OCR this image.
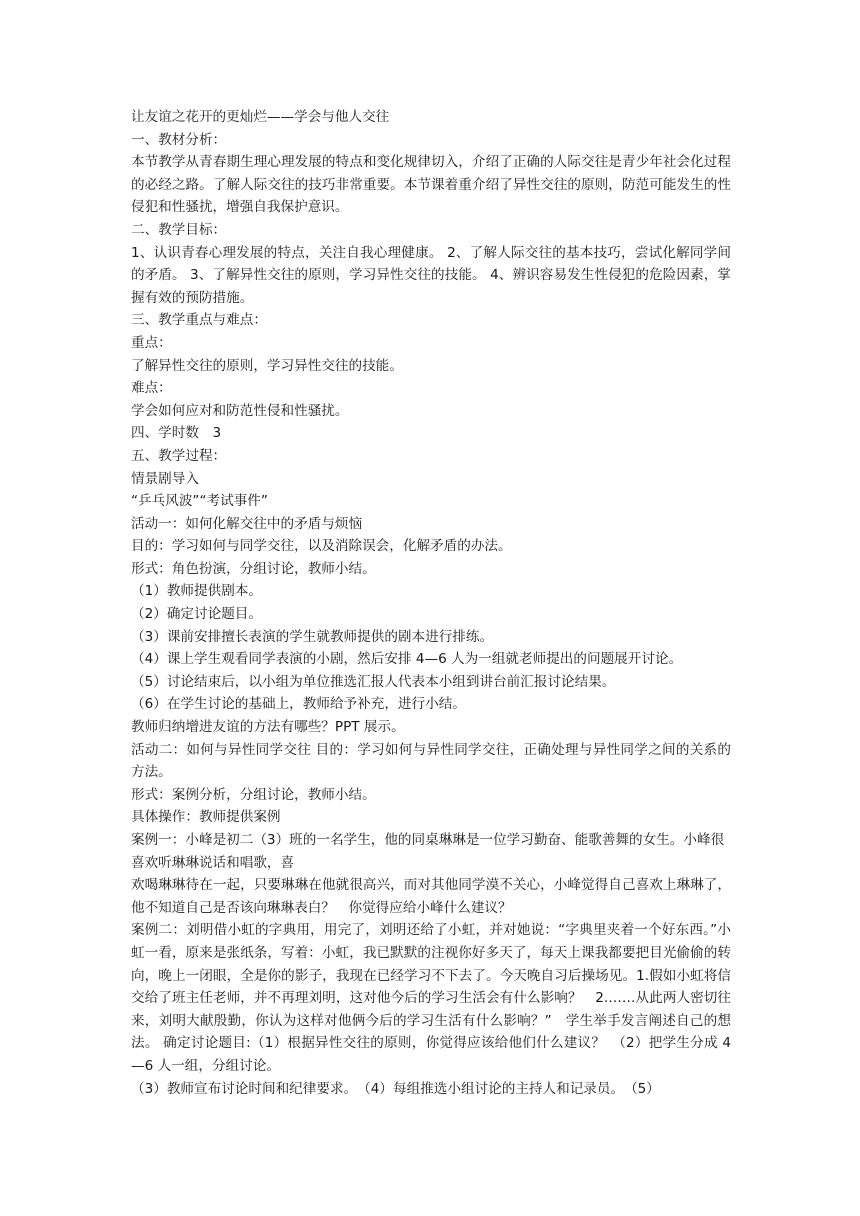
让友谊之花开的更灿烂——学会与他人交往

一、教材分析：

本节教学从青春期生理心理发展的特点和变化规律切入，介绍了正确的人际交往是青少年社会化过程的必经之路。了解人际交往的技巧非常重要。本节课着重介绍了异性交往的原则，防范可能发生的性侵犯和性骚扰，增强自我保护意识。

二、教学目标：

1、认识青春心理发展的特点，关注自我心理健康。 2、了解人际交往的基本技巧，尝试化解同学间的矛盾。 3、了解异性交往的原则，学习异性交往的技能。 4、辨识容易发生性侵犯的危险因素，掌握有效的预防措施。

三、教学重点与难点：

重点：

了解异性交往的原则，学习异性交往的技能。

难点：

学会如何应对和防范性侵和性骚扰。

四、学时数　3

五、教学过程：

情景剧导入

“乒乓风波”“考试事件”

活动一：如何化解交往中的矛盾与烦恼

目的：学习如何与同学交往，以及消除误会，化解矛盾的办法。

形式：角色扮演，分组讨论，教师小结。

（1）教师提供剧本。

（2）确定讨论题目。

（3）课前安排擅长表演的学生就教师提供的剧本进行排练。

（4）课上学生观看同学表演的小剧，然后安排 4—6 人为一组就老师提出的问题展开讨论。

（5）讨论结束后，以小组为单位推选汇报人代表本小组到讲台前汇报讨论结果。

（6）在学生讨论的基础上，教师给予补充，进行小结。

教师归纳增进友谊的方法有哪些？PPT 展示。

活动二：如何与异性同学交往 目的：学习如何与异性同学交往，正确处理与异性同学之间的关系的方法。

形式：案例分析，分组讨论，教师小结。

具体操作：教师提供案例

案例一：小峰是初二（3）班的一名学生，他的同桌琳琳是一位学习勤奋、能歌善舞的女生。小峰很喜欢听琳琳说话和唱歌，喜

欢喝琳琳待在一起，只要琳琳在他就很高兴，而对其他同学漠不关心，小峰觉得自己喜欢上琳琳了，他不知道自己是否该向琳琳表白？　你觉得应给小峰什么建议？

案例二：刘明借小虹的字典用，用完了，刘明还给了小虹，并对她说：“字典里夹着一个好东西。”小虹一看，原来是张纸条，写着：小虹，我已默默的注视你好多天了，每天上课我都要把目光偷偷的转向，晚上一闭眼，全是你的影子，我现在已经学习不下去了。今天晚自习后操场见。1.假如小虹将信交给了班主任老师，并不再理刘明，这对他今后的学习生活会有什么影响？　2.……从此两人密切往来，刘明大献殷勤，你认为这样对他俩今后的学习生活有什么影响？”　学生举手发言阐述自己的想法。 确定讨论题目:（1）根据异性交往的原则，你觉得应该给他们什么建议？　（2）把学生分成 4—6 人一组，分组讨论。

（3）教师宣布讨论时间和纪律要求。　（4）每组推选小组讨论的主持人和记录员。　（5）
